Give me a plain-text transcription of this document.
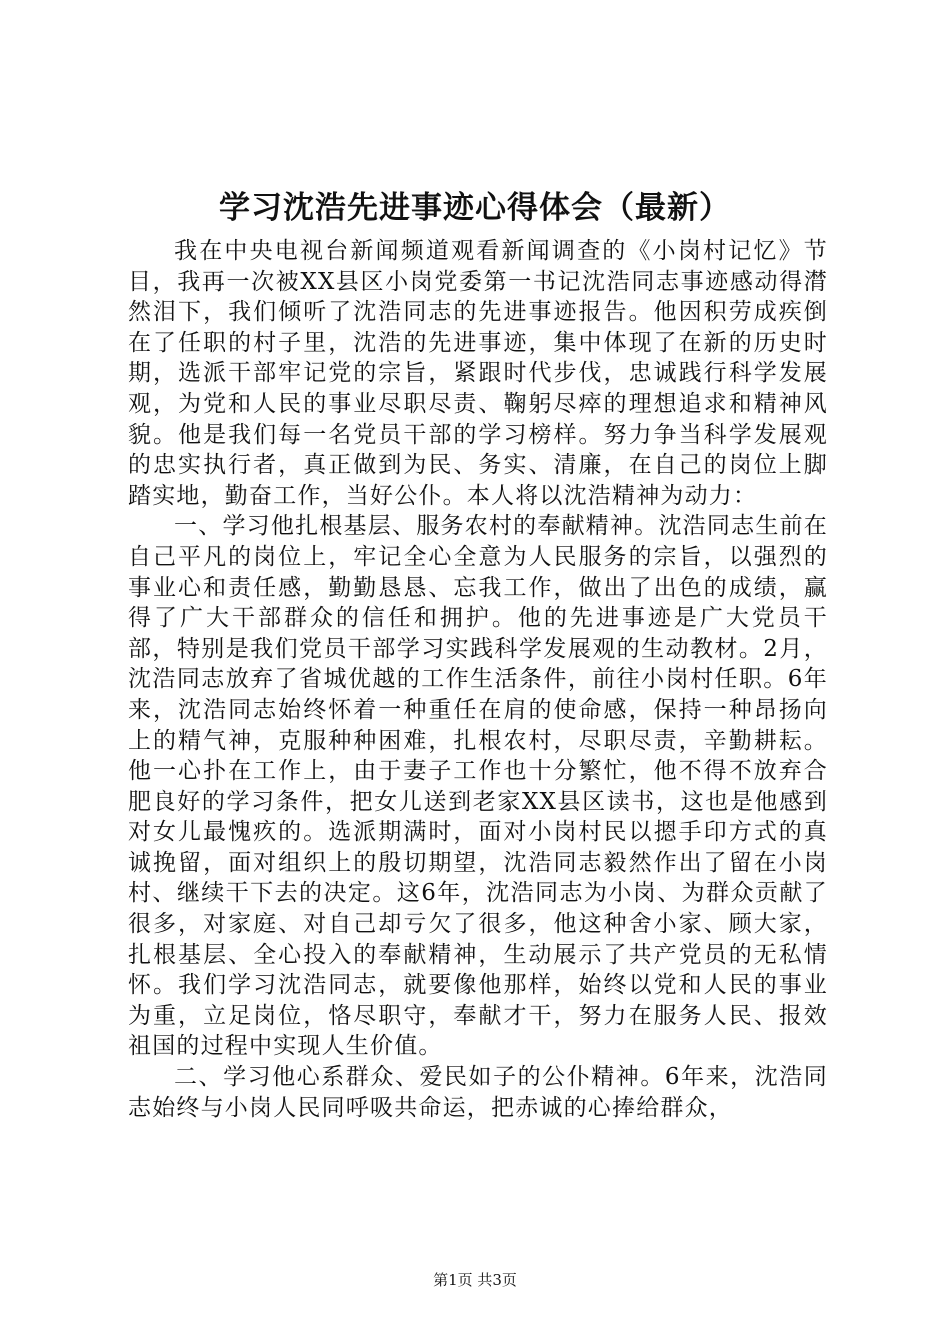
学习沈浩先进事迹心得体会（最新）

我在中央电视台新闻频道观看新闻调查的《小岗村记忆》节目，我再一次被XX县区小岗党委第一书记沈浩同志事迹感动得潸然泪下，我们倾听了沈浩同志的先进事迹报告。他因积劳成疾倒在了任职的村子里，沈浩的先进事迹，集中体现了在新的历史时期，选派干部牢记党的宗旨，紧跟时代步伐，忠诚践行科学发展观，为党和人民的事业尽职尽责、鞠躬尽瘁的理想追求和精神风貌。他是我们每一名党员干部的学习榜样。努力争当科学发展观的忠实执行者，真正做到为民、务实、清廉，在自己的岗位上脚踏实地，勤奋工作，当好公仆。本人将以沈浩精神为动力：

一、学习他扎根基层、服务农村的奉献精神。沈浩同志生前在自己平凡的岗位上，牢记全心全意为人民服务的宗旨，以强烈的事业心和责任感，勤勤恳恳、忘我工作，做出了出色的成绩，赢得了广大干部群众的信任和拥护。他的先进事迹是广大党员干部，特别是我们党员干部学习实践科学发展观的生动教材。2月，沈浩同志放弃了省城优越的工作生活条件，前往小岗村任职。6年来，沈浩同志始终怀着一种重任在肩的使命感，保持一种昂扬向上的精气神，克服种种困难，扎根农村，尽职尽责，辛勤耕耘。他一心扑在工作上，由于妻子工作也十分繁忙，他不得不放弃合肥良好的学习条件，把女儿送到老家XX县区读书，这也是他感到对女儿最愧疚的。选派期满时，面对小岗村民以摁手印方式的真诚挽留，面对组织上的殷切期望，沈浩同志毅然作出了留在小岗村、继续干下去的决定。这6年，沈浩同志为小岗、为群众贡献了很多，对家庭、对自己却亏欠了很多，他这种舍小家、顾大家，扎根基层、全心投入的奉献精神，生动展示了共产党员的无私情怀。我们学习沈浩同志，就要像他那样，始终以党和人民的事业为重，立足岗位，恪尽职守，奉献才干，努力在服务人民、报效祖国的过程中实现人生价值。

二、学习他心系群众、爱民如子的公仆精神。6年来，沈浩同志始终与小岗人民同呼吸共命运，把赤诚的心捧给群众，

第1页 共3页
